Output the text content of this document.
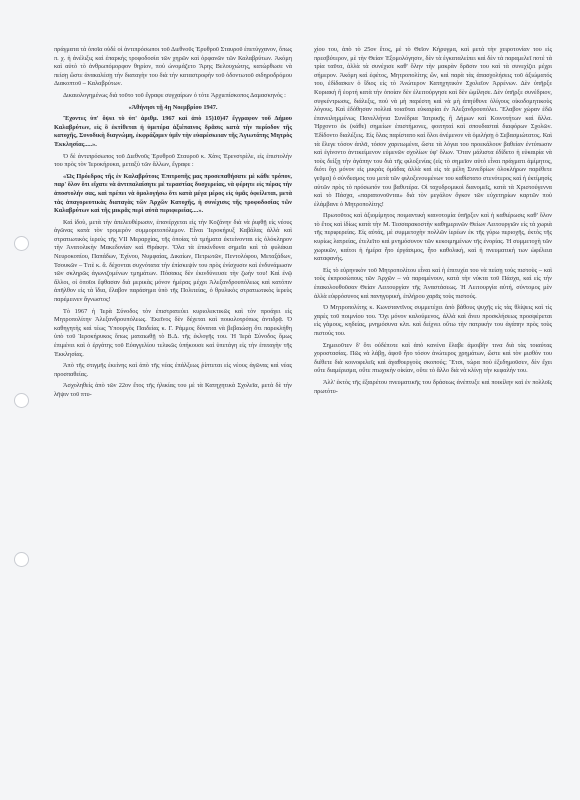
πράγματα τὰ ὁποῖα οὐδὲ οἱ ἀντιπρόσωποι τοῦ Διεθνοῦς Ἐρυθροῦ Σταυροῦ ἐπετύγχανον, ὅπως π. χ. ἡ ἀνέλιξις καὶ ἐπαρκὴς τροφοδοσία τῶν χηρῶν καὶ ὀρφανῶν τῶν Καλαβρύτων. Ἀκόμη καὶ αὐτὸ τὸ ἀνθρωπόμορφον θηρίον, ποὺ ὠνομάζετο Ἄρης Βελουχιώτης, κατώρθωσε νὰ πείσῃ ὥστε ἀνακαλέσῃ τὴν διαταγὴν του διὰ τὴν καταστροφὴν τοῦ ὀδοντωτοῦ σιδηροδρόμου Διακοπτοῦ – Καλαβρύτων.

Δικαιολογημένως διὰ τοῦτο τοῦ ἔγραφε συγχαίρων ὁ τότε Ἀρχιεπίσκοπος Δαμασκηνός :

«Ἀθήνησι τῇ 4ῃ Νοεμβρίου 1947.

Ἔχοντες ὑπ' ὄψει τὸ ὑπ' ἀριθμ. 1967 καὶ ἀπὸ 15)10)47 ἔγγραφον τοῦ Δήμου Καλαβρύτων, εἰς ὃ ἐκτίθεται ἡ ὑμετέρα ἀξιέπαινος δρᾶσις κατὰ τὴν περίοδον τῆς κατοχῆς, Συνοδικὴ διαγνώμη, ἐκφράζομεν ὑμῖν τὴν εὐαρέσκειαν τῆς Ἁγιωτάτης Μητρὸς Ἐκκλησίας.....».

Ὁ δὲ ἀντιπρόσωπος τοῦ Διεθνοῦς Ἐρυθροῦ Σταυροῦ κ. Χὰνς Ἐρενστρὲλε, εἰς ἐπιστολὴν του πρὸς τὸν Ἱεροκήρυκα, μεταξὺ τῶν ἄλλων, ἔγραφε :

«Ὡς Πρόεδρος τῆς ἐν Καλαβρύτοις Ἐπιτροπῆς μας προσεπαθήσατε μὲ κάθε τρόπον, παρ' ὅλον ὅτι εἴχατε νὰ ἀντιπαλαίσητε μὲ τεραστίας δυσχερείας, νὰ φέρητε εἰς πέρας τὴν ἀποστολήν σας, καὶ πρέπει νὰ ὁμολογήσω ὅτι κατὰ μέγα μέρος εἰς ὑμᾶς ὀφείλεται, μετὰ τὰς ἀπαγορευτικὰς διαταγὰς τῶν Ἀρχῶν Κατοχῆς, ἡ συνέχισις τῆς τροφοδοσίας τῶν Καλαβρύτων καὶ τῆς μικρᾶς περὶ αὐτὰ περιφερείας....».

Καὶ ἰδοὺ, μετὰ τὴν ἀπελευθέρωσιν, ἐπανέρχεται εἰς τὴν Κοζάνην διὰ νὰ ῥιφθῇ εἰς νέους ἀγῶνας κατὰ τὸν τρομερὸν συμμοριτοπόλεμον. Εἶναι Ἱεροκήρυξ Καβάλας ἀλλὰ καὶ στρατιωτικὸς ἱερεὺς τῆς VII Μεραρχίας, τῆς ὁποίας τὰ τμήματα ἐκτείνονται εἰς ὁλόκληρον τὴν Ἀνατολικὴν Μακεδονίαν καὶ Θράκην. Ὅλα τὰ ἐπικίνδυνα σημεῖα καὶ τὰ φυλάκια Νευροκοπίου, Παπάδων, Ἐχίνου, Νυμφαίας, Δικαίων, Πετρωτῶν, Πεντολόφου, Μεταξάδων, Τσουκῶν – Τιτὲ κ. ἄ. δέχονται συχνότατα τὴν ἐπίσκεψίν του πρὸς ἐνίσχυσιν καὶ ἐνδυνάμωσιν τῶν σκληρῶς ἀγωνιζομένων τμημάτων. Πόσακις δὲν ἐκινδύνευσε τὴν ζωήν του! Καὶ ἐνῷ ἄλλοι, οἱ ὁποῖοι ἔφθασαν διὰ μερικὰς μόνον ἡμέρας μέχρι Ἀλεξανδρουπόλεως καὶ κατόπιν ἀπῆλθον εἰς τὰ ἴδια, ἔλαβον παράσημα ὑπὸ τῆς Πολιτείας, ὁ θρυλικὸς στρατιωτικὸς ἱερεὺς παρέμεινεν ἄγνωστος!

Τὸ 1967 ἡ Ἱερὰ Σύνοδος τὸν ἐπιστρατεύει κυριολεκτικῶς καὶ τὸν προάγει εἰς Μητροπολίτην Ἀλεξανδρουπόλεως. Ἐκεῖνος δὲν δέχεται καὶ ποικιλοτρόπως ἀντιδρᾷ. Ὁ καθηγητὴς καὶ τέως Ὑπουργὸς Παιδείας κ. Γ. Ράμμος δύναται νὰ βεβαιώσῃ ὅτι παρεκλήθη ὑπὸ τοῦ Ἱεροκήρυκος ὅπως ματαιωθῇ τὸ Β.Δ. τῆς ἐκλογῆς του. Ἡ Ἱερὰ Σύνοδος ὅμως ἐπιμένει καὶ ὁ ἐργάτης τοῦ Εὐαγγελίου τελικῶς ὑπήκουσε καὶ ὑπετάγη εἰς τὴν ἐπιταγὴν τῆς Ἐκκλησίας.

Ἀπὸ τῆς στιγμῆς ἐκείνης καὶ ἀπὸ τῆς νέας ἐπάλξεως ῥίπτεται εἰς νέους ἀγῶνας καὶ νέας προσπαθείας.

Ἀσχοληθεὶς ἀπὸ τῶν 22ον ἔτος τῆς ἡλικίας του μὲ τὰ Κατηχητικὰ Σχολεῖα, μετὰ δὲ τὴν λῆψιν τοῦ πτυ-

χίου του, ἀπὸ τὸ 25ον ἔτος, μὲ τὸ Θεῖον Κήρυγμα, καὶ μετὰ τὴν χειροτονίαν του εἰς πρεσβύτερον, μὲ τὴν Θείαν Ἐξομολόγησιν, δὲν τὰ ἐγκαταλείπει καὶ δὲν τὰ παραμελεῖ ποτέ τὰ τρία ταῦτα, ἀλλὰ τὰ συνέχισε καθ' ὅλην τὴν μακρὰν δρᾶσιν του καὶ τὰ συνεχίζει μέχρι σήμερον. Ἀκόμη καὶ ἐφέτος, Μητροπολίτης ὤν, καὶ παρὰ τὰς ἀπασχολήσεις τοῦ ἀξιώματός του, ἐδίδασκεν ὁ ἴδιος εἰς τὸ Ἀνώτερον Κατηχητικὸν Σχολεῖον Ἀρρένων. Δὲν ὑπῆρξε Κυριακὴ ἢ ἑορτή κατὰ τὴν ὁποίαν δὲν ἐλειτούργησε καὶ δὲν ὡμίλησε. Δὲν ὑπῆρξε συνέδριον, συγκέντρωσις, διάλεξις, ποὺ νὰ μὴ παρέστη καὶ νὰ μὴ ἀπηύθυνε ὀλίγους οἰκοδομητικοὺς λόγους. Καὶ ἐδόθησαν πολλαὶ τοιαῦται εὐκαιρίαι ἐν Ἀλεξανδρουπόλει. Ἔλαβον χώραν ἐδῶ ἐπανειλημμένως Πανελλήνια Συνέδρια Ἰατρικῆς ἢ Δήμων καὶ Κοινοτήτων καὶ ἄλλα. Ἠρχοντο ἐκ (κάθε) σημείων ἐπιστήμονες, φοιτηταί καὶ σπουδασταὶ διαφόρων Σχολῶν. Ἐδίδοντο διαλέξεις. Εἰς ὅλας παρίστατο καὶ ὅλοι ἀνέμενον νὰ ὁμιλήσῃ ὁ Σεβασμιώτατος. Καὶ τὰ ἔλεγε τόσον ἁπλᾶ, τόσον χαριτωμένα, ὥστε τὰ λόγια του προεκάλουν βαθείαν ἐντύπωσιν καὶ ἐγίνοντο ἀντικείμενον εὐμενῶν σχολίων ὑφ' ὅλων. Ὅταν μάλιστα ἐδίδετο ἡ εὐκαιρία νὰ τοὺς δείξῃ τὴν ἀγάπην του διὰ τῆς φιλοξενίας (εἰς τὸ σημεῖον αὐτὸ εἶναι πράγματι ἀμίμητος, διότι ὄχι μόνον εἰς μικρὰς ὁμάδας ἀλλὰ καὶ εἰς τὰ μέλη Συνεδρίων ὁλοκλήρων παρέθετε γεῦμα) ὁ σύνδεσμος του μετὰ τῶν φιλοξενουμένων του καθίστατο στενότερος καὶ ἡ ἐκτίμησίς αὐτῶν πρὸς τὸ πρόσωπόν του βαθυτέρα. Οἱ ταχυδρομικοὶ διανομεῖς, κατὰ τὰ Χριστούγεννα καὶ τὸ Πάσχα, «παραπονοῦνται» διὰ τὸν μεγάλον ὄγκον τῶν εὐχετηρίων καρτῶν ποὺ ἐλάμβανε ὁ Μητροπολίτης!

Πρωτοῦτος καὶ ἀξιομίμητος ποιμαντικὴ καινοτομία ὑπῆρξεν καὶ ἡ καθιέρωσις καθ' ὅλον τὸ ἔτος καὶ ἰδίως κατὰ τὴν Μ. Τεσσαρακοστὴν καθημερινῶν Θείων Λειτουργιῶν εἰς τὰ χωριὰ τῆς περιφερείας. Εἰς αὐτάς, μὲ συμμετοχὴν πολλῶν ἱερέων ἐκ τῆς γύρω περιοχῆς, ἐκτὸς τῆς κυρίως λατρείας, ἐτελεῖτο καὶ μνημόσυνον τῶν κεκοιμημένων τῆς ἐνορίας. Ἡ συμμετοχὴ τῶν χωρικῶν, καίτοι ἡ ἡμέρα ἦτο ἐργάσιμος, ἦτο καθολική, καὶ ἡ πνευματικὴ των ὠφέλεια καταφανής.

Εἰς τὸ εὐρηνικὸν τοῦ Μητροπολίτου εἶναι καὶ ἡ ἐπιτυχία του νὰ πείσῃ τοὺς πιστοὺς – καὶ τοὺς ἐκπροσώπους τῶν Ἀρχῶν – νὰ παραμένουν, κατὰ τὴν νύκτα τοῦ Πάσχα, καὶ εἰς τὴν ἐπακολουθοῦσαν Θείαν Λειτουργίαν τῆς Ἀναστάσεως. Ἡ Λειτουργία αὐτή, σύντομος μὲν ἀλλὰ εὐφρόσυνος καὶ πανηγυρική, ἐπλήρου χαρᾶς τοὺς πιστούς.

Ὁ Μητροπολίτης κ. Κωνσταντῖνος συμμετέχει ἀπὸ βάθους ψυχῆς εἰς τὰς θλίψεις καὶ τὶς χαρὲς τοῦ ποιμνίου του. Ὄχι μόνον καλούμενος, ἀλλὰ καὶ ἄνευ προσκλήσεως προσφέρεται εἰς γάμους, κηδείας, μνημόσυνα κλπ. καὶ δείχνει οὕτω τὴν πατρικὴν του ἀγάπην πρὸς τοὺς πιστούς του.

Σημειοῦτεν δ' ὅτι οὐδέποτε καὶ ἀπὸ κανένα ἔλαβε ἀμοιβὴν τινα διὰ τὰς τοιαύτας χοροστασίας. Πῶς νὰ λάβῃ, ἀφοῦ ἦτο τόσον ἀνώτερος χρημάτων, ὥστε καὶ τὸν μισθόν του διέθετε διὰ κοινοφελεῖς καὶ ἀγαθοεργοὺς σκοπούς; Ἔτσι, τώρα ποὺ ἐξεδημοῦσεν, δὲν ἔχει οὔτε διαμέρισμα, οὔτε πτωχικὴν οἰκίαν, οὔτε τὸ ἄλλο διὰ νὰ κλίνῃ τὴν κεφαλήν του.

Ἀλλ' ἐκτὸς τῆς ἐξαιρέτου πνευματικῆς του δράσεως ἀνέπτυξε καὶ ποικίλην καὶ ἐν πολλοῖς πρωτότυ-
